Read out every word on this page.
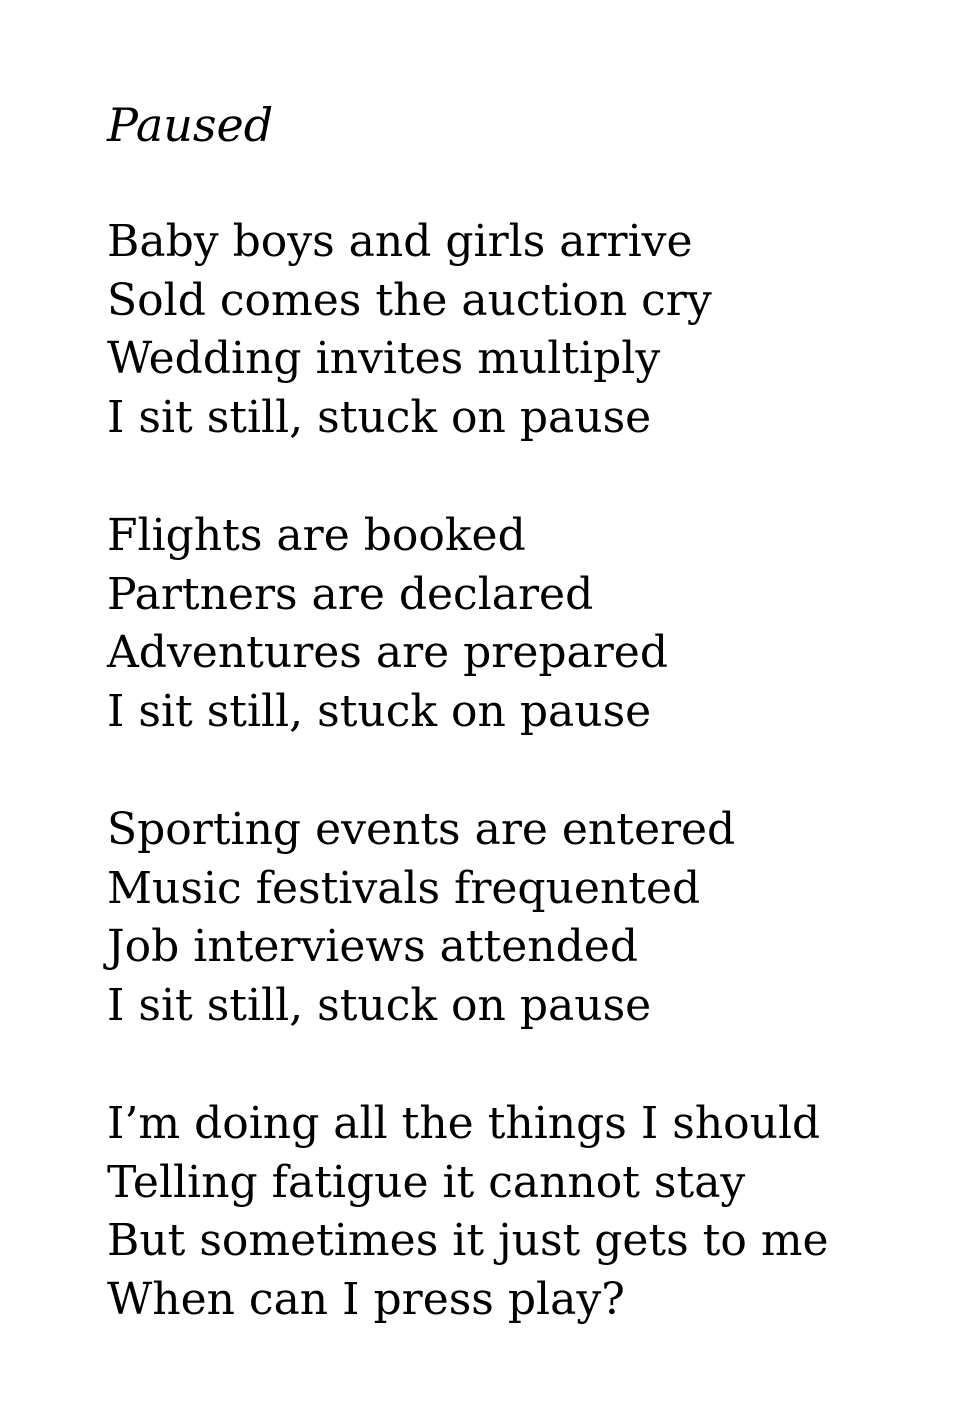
Paused
Baby boys and girls arrive
Sold comes the auction cry
Wedding invites multiply
I sit still, stuck on pause
Flights are booked
Partners are declared
Adventures are prepared
I sit still, stuck on pause
Sporting events are entered
Music festivals frequented
Job interviews attended
I sit still, stuck on pause
I’m doing all the things I should
Telling fatigue it cannot stay
But sometimes it just gets to me
When can I press play?
